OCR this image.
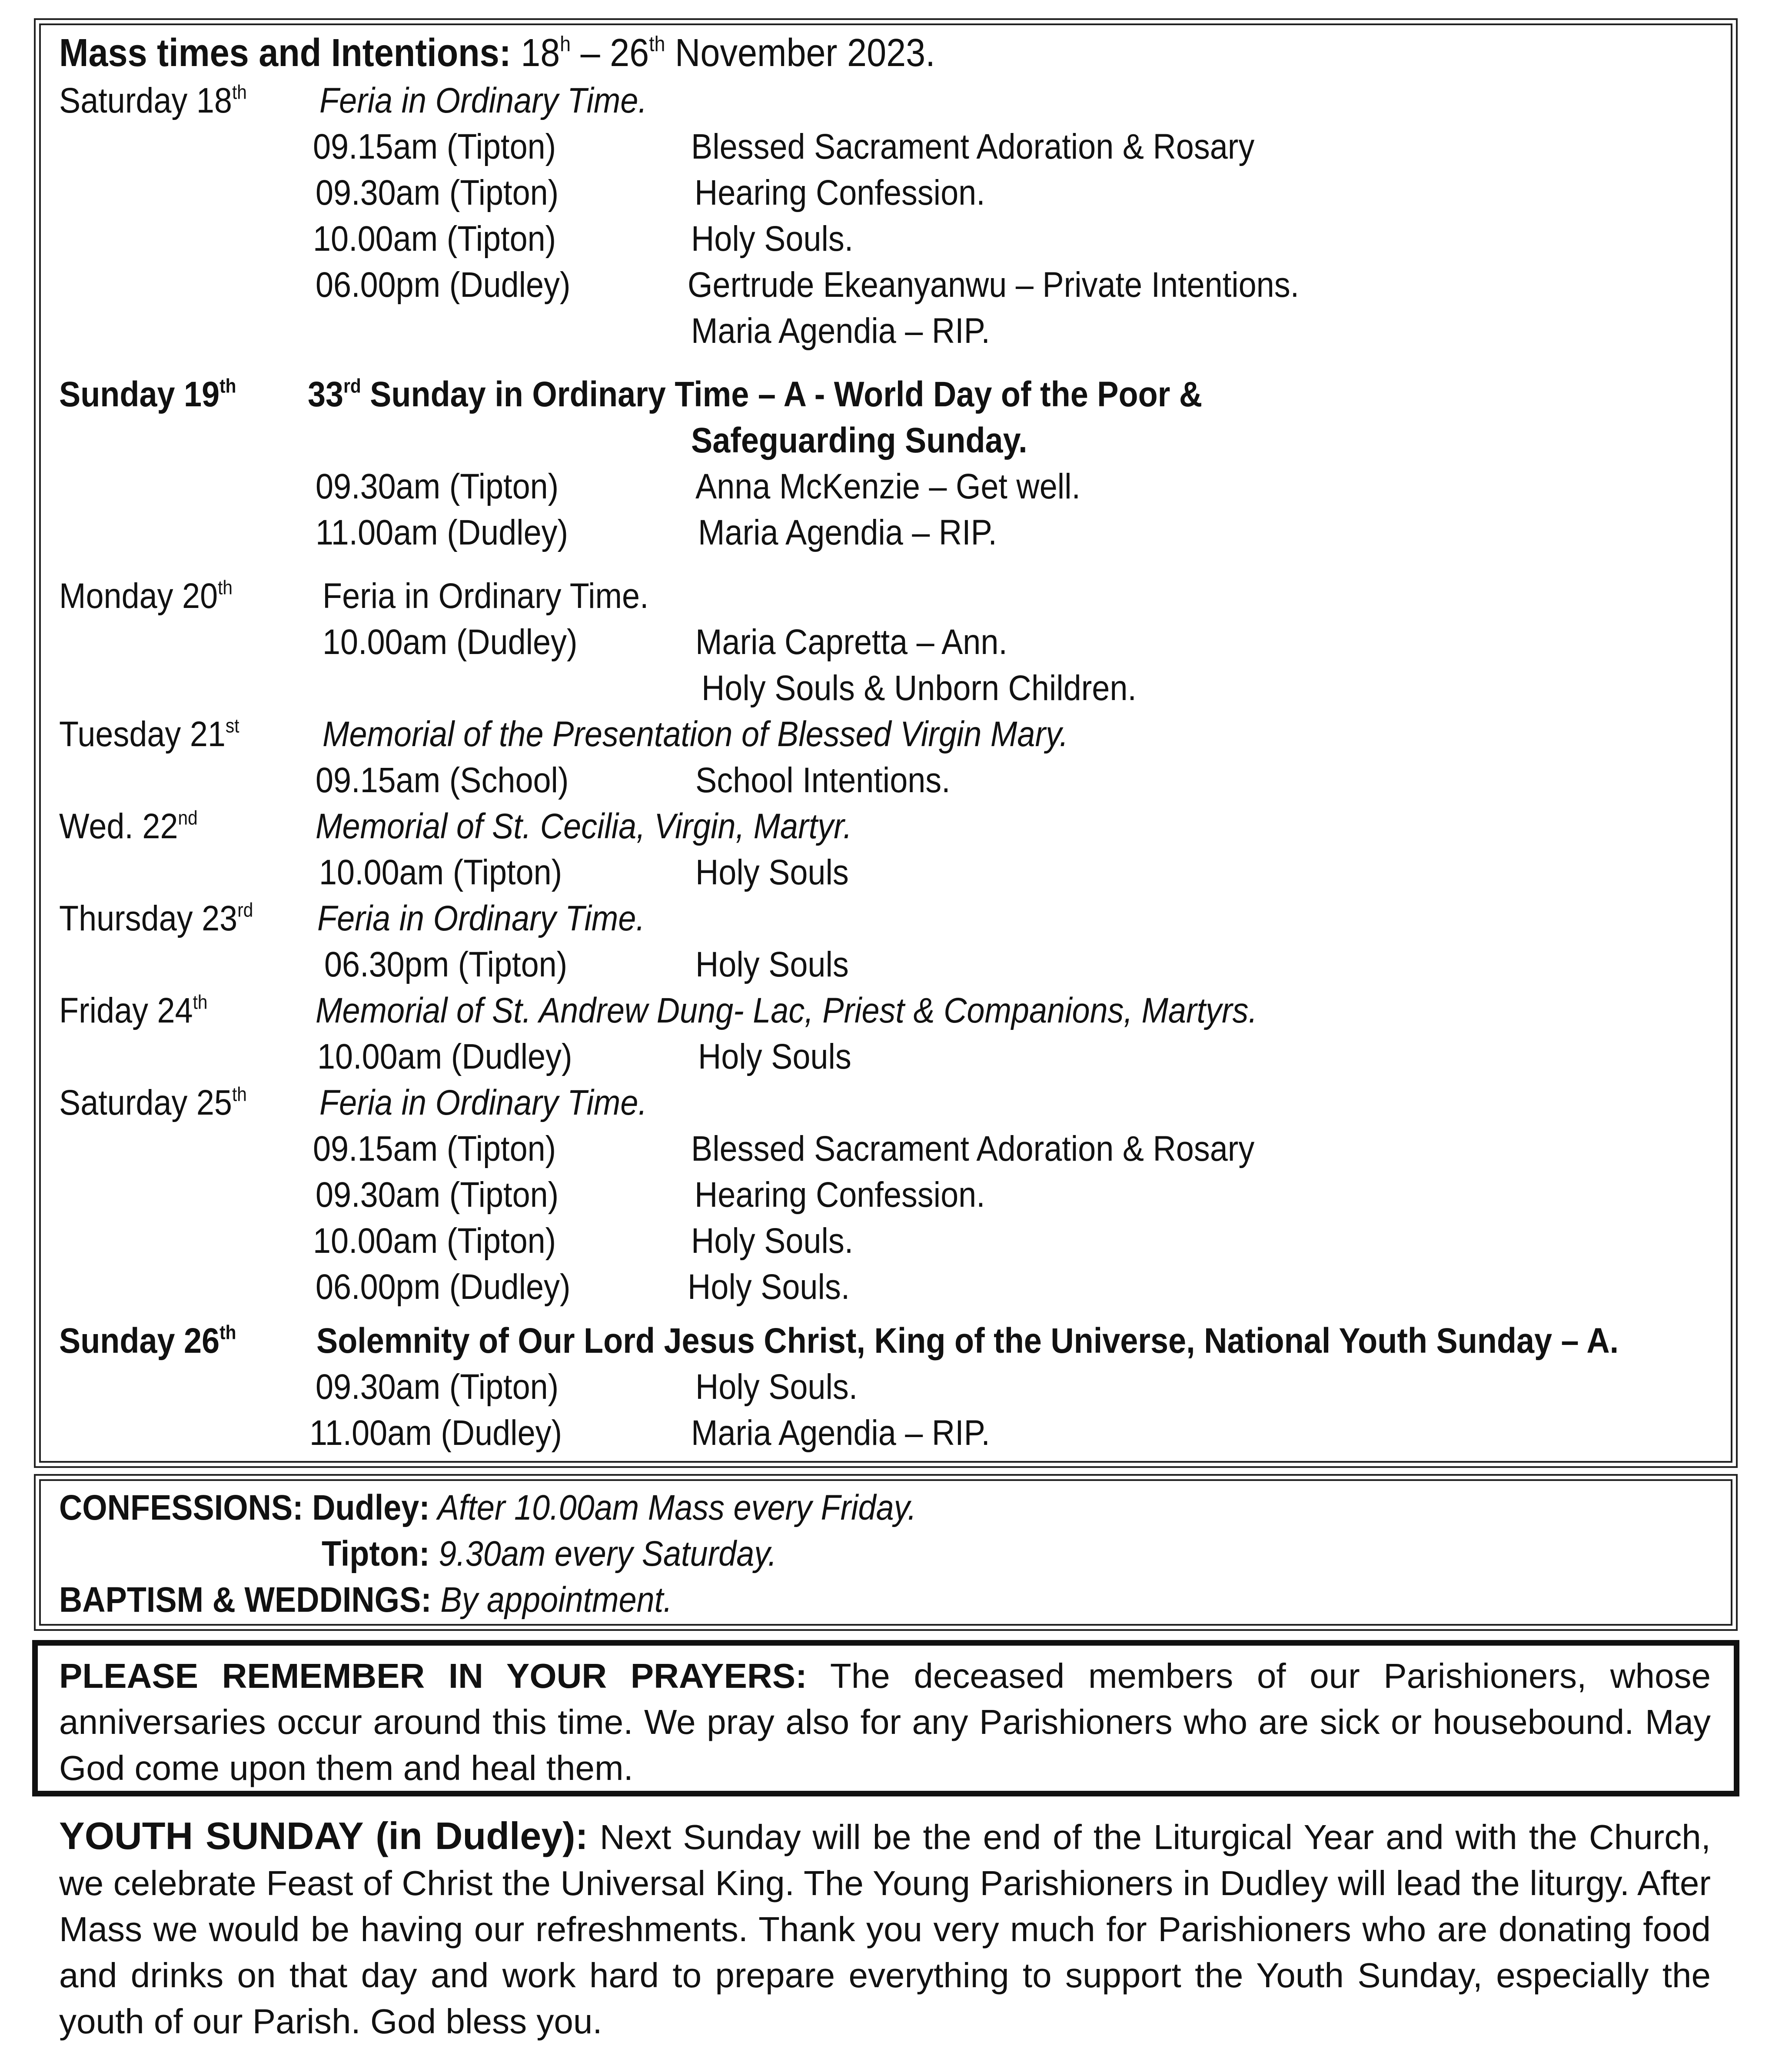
Mass times and Intentions: 18$^h$ – 26th November 2023.
Saturday 18th Feria in Ordinary Time.
09.15am (Tipton)	Blessed Sacrament Adoration & Rosary
09.30am (Tipton)	Hearing Confession.
10.00am (Tipton)	Holy Souls.
06.00pm (Dudley)	Gertrude Ekeanyanwu – Private Intentions.
Maria Agendia – RIP.
Sunday 19th 33rd Sunday in Ordinary Time – A - World Day of the Poor &
Safeguarding Sunday.
09.30am (Tipton)	Anna McKenzie – Get well.
11.00am (Dudley)	Maria Agendia – RIP.
Monday 20th	Feria in Ordinary Time.
10.00am (Dudley)	Maria Capretta – Ann.
Holy Souls & Unborn Children.
Tuesday 21st Memorial of the Presentation of Blessed Virgin Mary.
09.15am (School)	School Intentions.
Wed. 22nd	Memorial of St. Cecilia, Virgin, Martyr.
10.00am (Tipton)	Holy Souls
Thursday 23rd Feria in Ordinary Time.
06.30pm (Tipton)	Holy Souls
Friday 24th	Memorial of St. Andrew Dung- Lac, Priest & Companions, Martyrs.
10.00am (Dudley)	Holy Souls
Saturday 25th Feria in Ordinary Time.
09.15am (Tipton)	Blessed Sacrament Adoration & Rosary
09.30am (Tipton)	Hearing Confession.
10.00am (Tipton)	Holy Souls.
06.00pm (Dudley)	Holy Souls.
Sunday 26th Solemnity of Our Lord Jesus Christ, King of the Universe, National Youth Sunday – A.
09.30am (Tipton)	Holy Souls.
11.00am (Dudley)	Maria Agendia – RIP.
CONFESSIONS: Dudley: After 10.00am Mass every Friday.
Tipton: 9.30am every Saturday.
BAPTISM & WEDDINGS: By appointment.
PLEASE REMEMBER IN YOUR PRAYERS: The deceased members of our Parishioners, whose anniversaries occur around this time. We pray also for any Parishioners who are sick or housebound. May God come upon them and heal them.
YOUTH SUNDAY (in Dudley): Next Sunday will be the end of the Liturgical Year and with the Church, we celebrate Feast of Christ the Universal King. The Young Parishioners in Dudley will lead the liturgy. After Mass we would be having our refreshments. Thank you very much for Parishioners who are donating food and drinks on that day and work hard to prepare everything to support the Youth Sunday, especially the youth of our Parish. God bless you.
